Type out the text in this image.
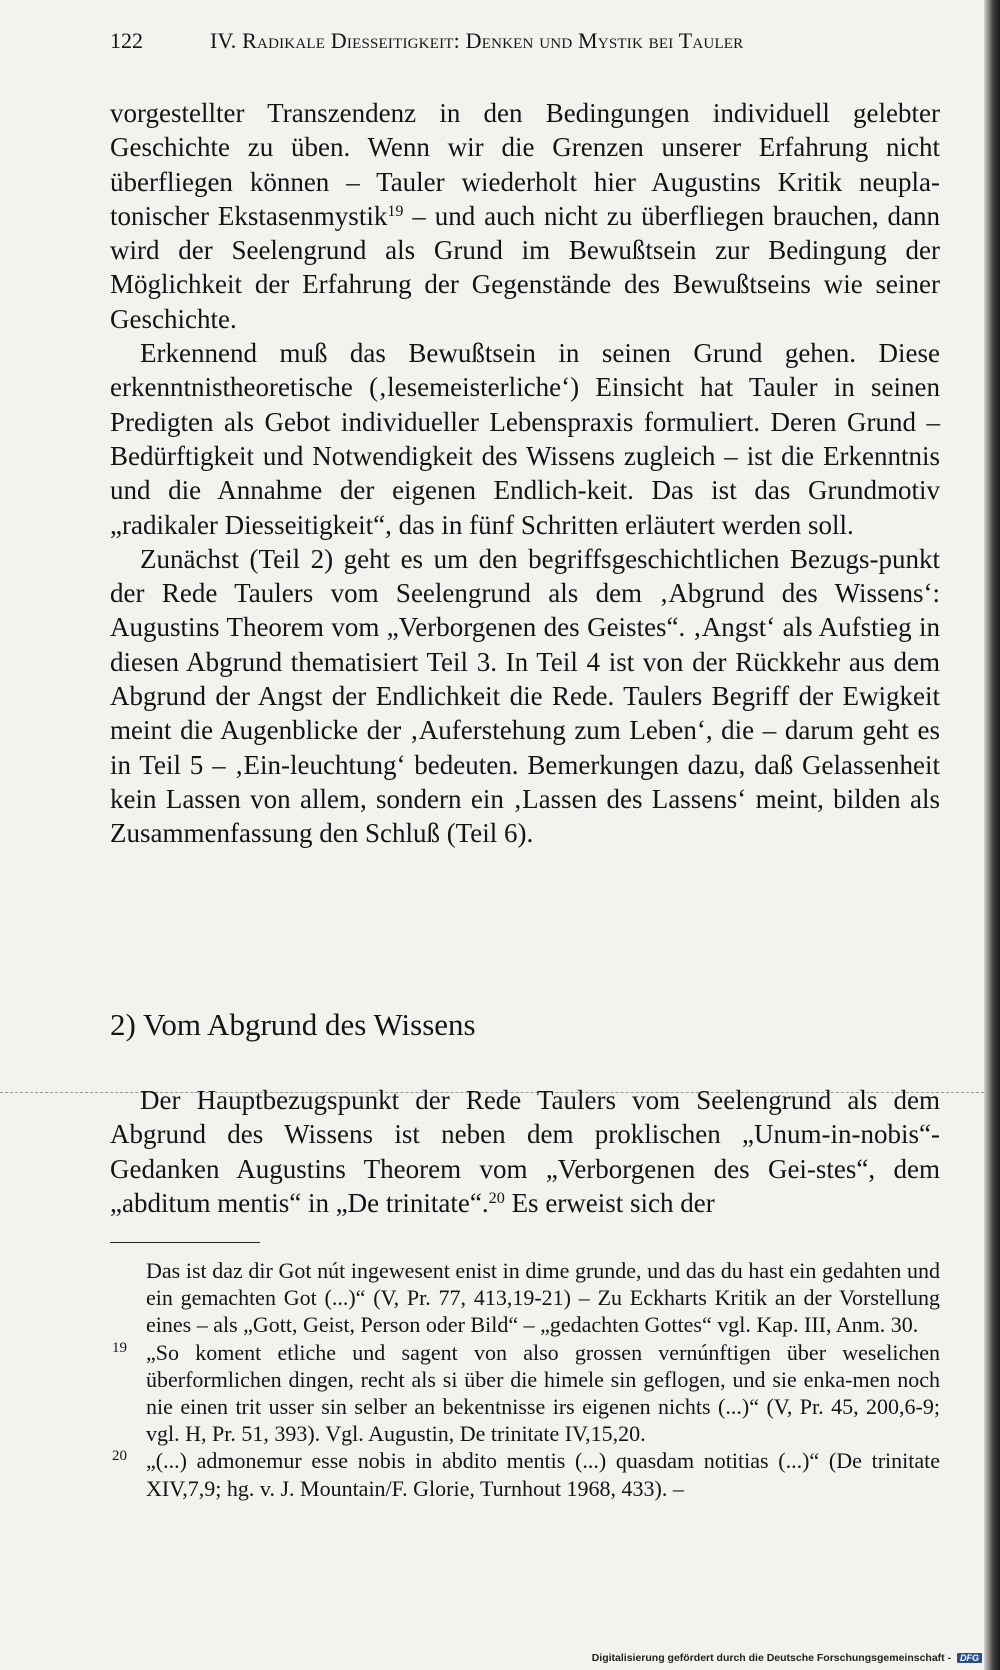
122	IV. Radikale Diesseitigkeit: Denken und Mystik bei Tauler

vorgestellter Transzendenz in den Bedingungen individuell gelebter Geschichte zu üben. Wenn wir die Grenzen unserer Erfahrung nicht überfliegen können – Tauler wiederholt hier Augustins Kritik neupla-tonischer Ekstasenmystik$^{19}$ – und auch nicht zu überfliegen brauchen, dann wird der Seelengrund als Grund im Bewußtsein zur Bedingung der Möglichkeit der Erfahrung der Gegenstände des Bewußtseins wie seiner Geschichte.

Erkennend muß das Bewußtsein in seinen Grund gehen. Diese erkenntnistheoretische (‚lesemeisterliche‘) Einsicht hat Tauler in seinen Predigten als Gebot individueller Lebenspraxis formuliert. Deren Grund – Bedürftigkeit und Notwendigkeit des Wissens zugleich – ist die Erkenntnis und die Annahme der eigenen Endlich-keit. Das ist das Grundmotiv „radikaler Diesseitigkeit“, das in fünf Schritten erläutert werden soll.

Zunächst (Teil 2) geht es um den begriffsgeschichtlichen Bezugs-punkt der Rede Taulers vom Seelengrund als dem ‚Abgrund des Wissens‘: Augustins Theorem vom „Verborgenen des Geistes“. ‚Angst‘ als Aufstieg in diesen Abgrund thematisiert Teil 3. In Teil 4 ist von der Rückkehr aus dem Abgrund der Angst der Endlichkeit die Rede. Taulers Begriff der Ewigkeit meint die Augenblicke der ‚Auferstehung zum Leben‘, die – darum geht es in Teil 5 – ‚Ein-leuchtung‘ bedeuten. Bemerkungen dazu, daß Gelassenheit kein Lassen von allem, sondern ein ‚Lassen des Lassens‘ meint, bilden als Zusammenfassung den Schluß (Teil 6).

2) Vom Abgrund des Wissens

Der Hauptbezugspunkt der Rede Taulers vom Seelengrund als dem Abgrund des Wissens ist neben dem proklischen „Unum-in-nobis“-Gedanken Augustins Theorem vom „Verborgenen des Gei-stes“, dem „abditum mentis“ in „De trinitate“.$^{20}$ Es erweist sich der

Das ist daz dir Got nút ingewesent enist in dime grunde, und das du hast ein gedahten und ein gemachten Got (...)“ (V, Pr. 77, 413,19-21) – Zu Eckharts Kritik an der Vorstellung eines – als „Gott, Geist, Person oder Bild“ – „gedachten Gottes“ vgl. Kap. III, Anm. 30.
19 „So koment etliche und sagent von also grossen vernúnftigen über weselichen überformlichen dingen, recht als si über die himele sin geflogen, und sie enka-men noch nie einen trit usser sin selber an bekentnisse irs eigenen nichts (...)“ (V, Pr. 45, 200,6-9; vgl. H, Pr. 51, 393). Vgl. Augustin, De trinitate IV,15,20.
20 „(...) admonemur esse nobis in abdito mentis (...) quasdam notitias (...)“ (De trinitate XIV,7,9; hg. v. J. Mountain/F. Glorie, Turnhout 1968, 433). –
Digitalisierung gefördert durch die Deutsche Forschungsgemeinschaft - DFG
